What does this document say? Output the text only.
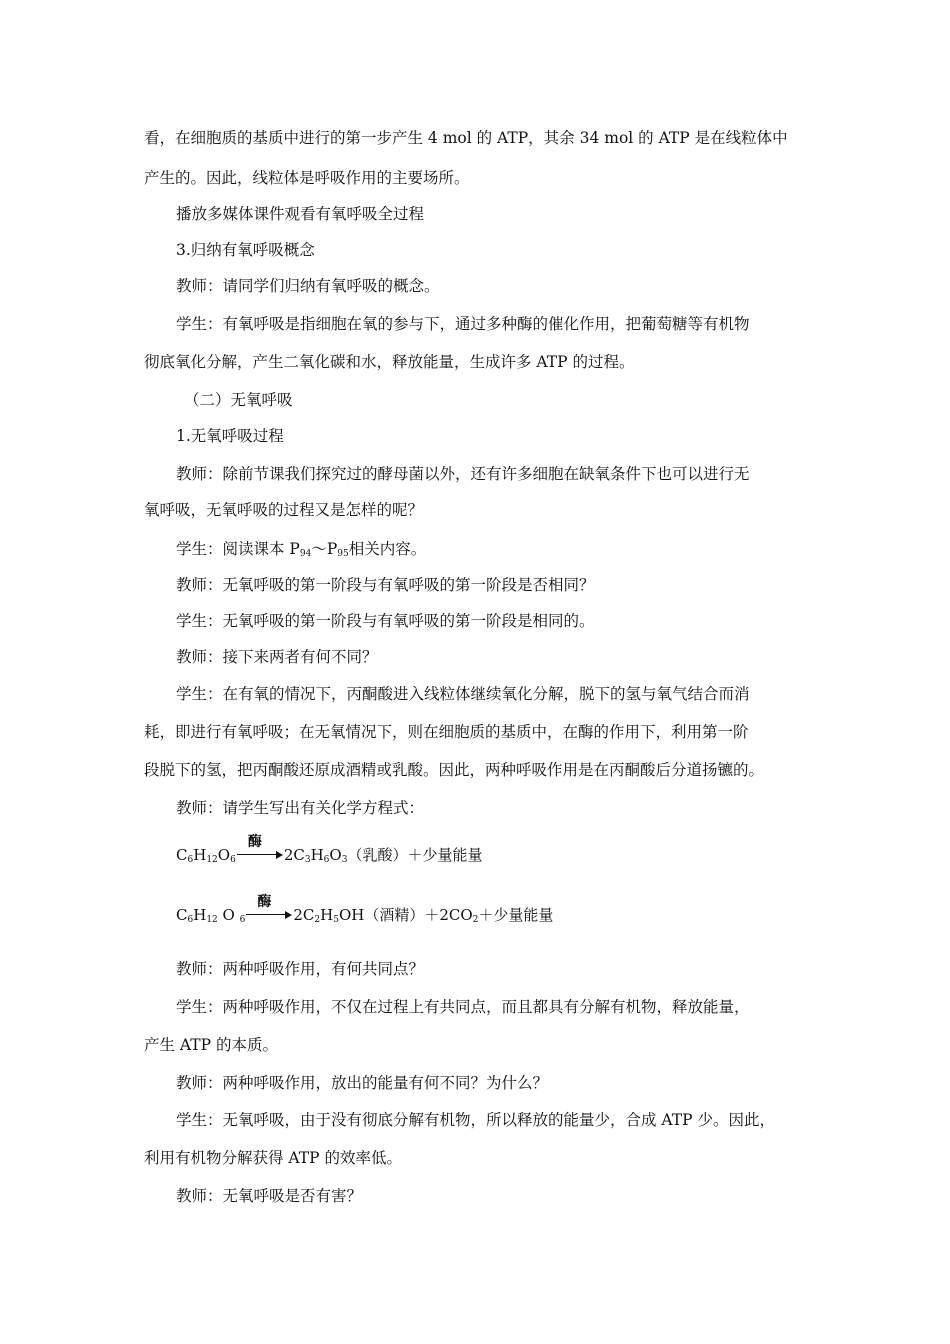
看，在细胞质的基质中进行的第一步产生 4 mol 的 ATP，其余 34 mol 的 ATP 是在线粒体中
产生的。因此，线粒体是呼吸作用的主要场所。
播放多媒体课件观看有氧呼吸全过程
3.归纳有氧呼吸概念
教师：请同学们归纳有氧呼吸的概念。
学生：有氧呼吸是指细胞在氧的参与下，通过多种酶的催化作用，把葡萄糖等有机物
彻底氧化分解，产生二氧化碳和水，释放能量，生成许多 ATP 的过程。
（二）无氧呼吸
1.无氧呼吸过程
教师：除前节课我们探究过的酵母菌以外，还有许多细胞在缺氧条件下也可以进行无
氧呼吸，无氧呼吸的过程又是怎样的呢？
学生：阅读课本 $P_{94}\sim P_{95}$相关内容。
教师：无氧呼吸的第一阶段与有氧呼吸的第一阶段是否相同？
学生：无氧呼吸的第一阶段与有氧呼吸的第一阶段是相同的。
教师：接下来两者有何不同？
学生：在有氧的情况下，丙酮酸进入线粒体继续氧化分解，脱下的氢与氧气结合而消
耗，即进行有氧呼吸；在无氧情况下，则在细胞质的基质中，在酶的作用下，利用第一阶
段脱下的氢，把丙酮酸还原成酒精或乳酸。因此，两种呼吸作用是在丙酮酸后分道扬镳的。
教师：请学生写出有关化学方程式：
$C_6H_{12}O_6$
酶
$2C_3H_6O_3$（乳酸）＋少量能量
$C_6H_{12}$ O $_6$
酶
$2C_2H_5OH$（酒精）$+2CO_2+$少量能量
教师：两种呼吸作用，有何共同点？
学生：两种呼吸作用，不仅在过程上有共同点，而且都具有分解有机物，释放能量，
产生 ATP 的本质。
教师：两种呼吸作用，放出的能量有何不同？为什么？
学生：无氧呼吸，由于没有彻底分解有机物，所以释放的能量少，合成 ATP 少。因此，
利用有机物分解获得 ATP 的效率低。
教师：无氧呼吸是否有害？
